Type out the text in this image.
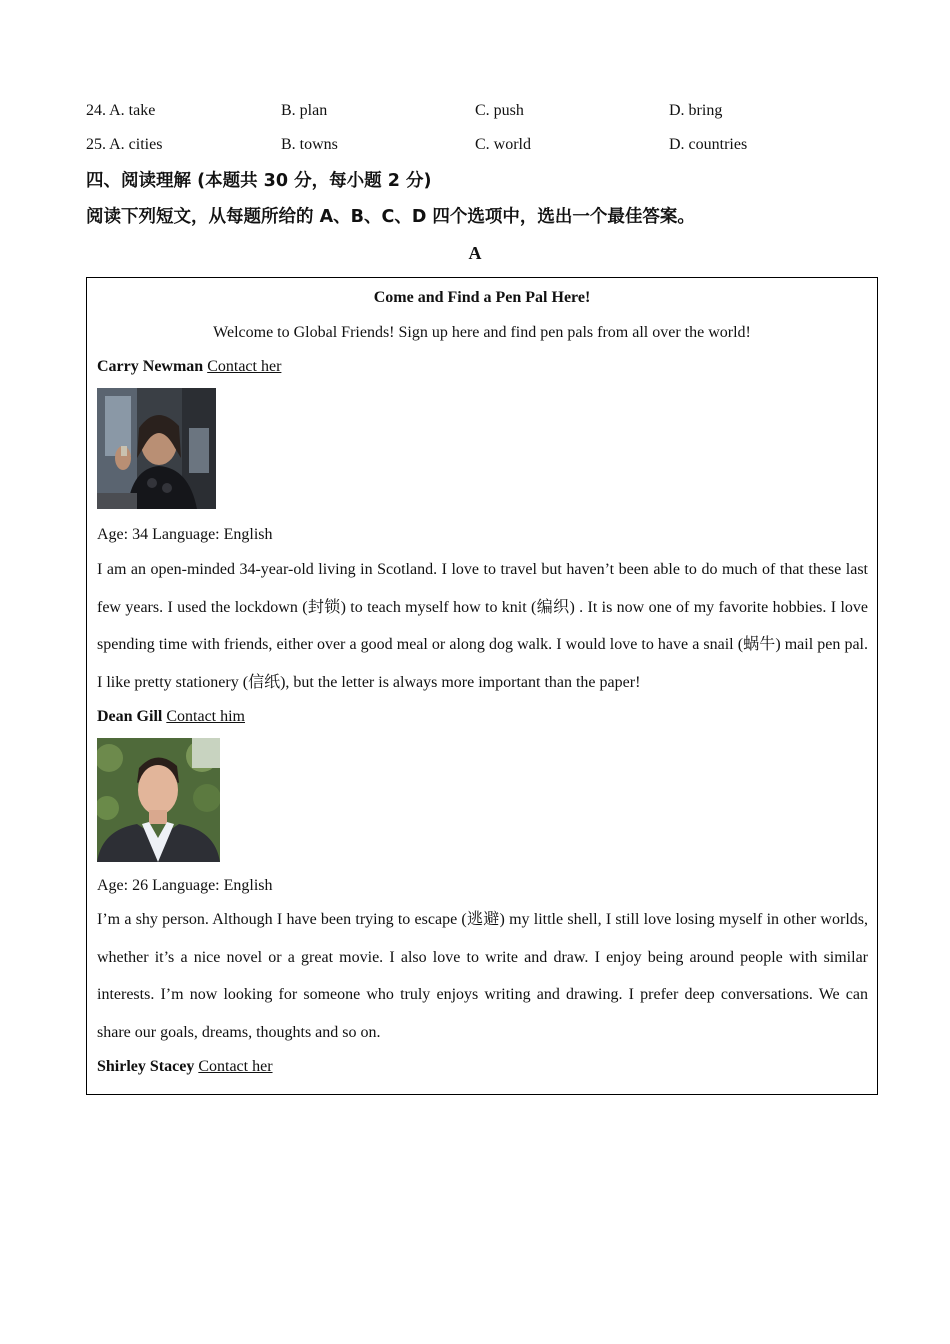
24. A. take	B. plan	C. push	D. bring
25. A. cities	B. towns	C. world	D. countries
四、阅读理解 (本题共 30 分，每小题 2 分)
阅读下列短文，从每题所给的 A、B、C、D 四个选项中，选出一个最佳答案。
A
Come and Find a Pen Pal Here!
Welcome to Global Friends! Sign up here and find pen pals from all over the world!
Carry Newman Contact her
Age: 34 Language: English
I am an open-minded 34-year-old living in Scotland. I love to travel but haven’t been able to do much of that these last few years. I used the lockdown (封锁) to teach myself how to knit (编织) . It is now one of my favorite hobbies. I love spending time with friends, either over a good meal or along dog walk. I would love to have a snail (蜗牛) mail pen pal. I like pretty stationery (信纸), but the letter is always more important than the paper!
Dean Gill Contact him
Age: 26 Language: English
I’m a shy person. Although I have been trying to escape (逃避) my little shell, I still love losing myself in other worlds, whether it’s a nice novel or a great movie. I also love to write and draw. I enjoy being around people with similar interests. I’m now looking for someone who truly enjoys writing and drawing. I prefer deep conversations. We can share our goals, dreams, thoughts and so on.
Shirley Stacey Contact her
